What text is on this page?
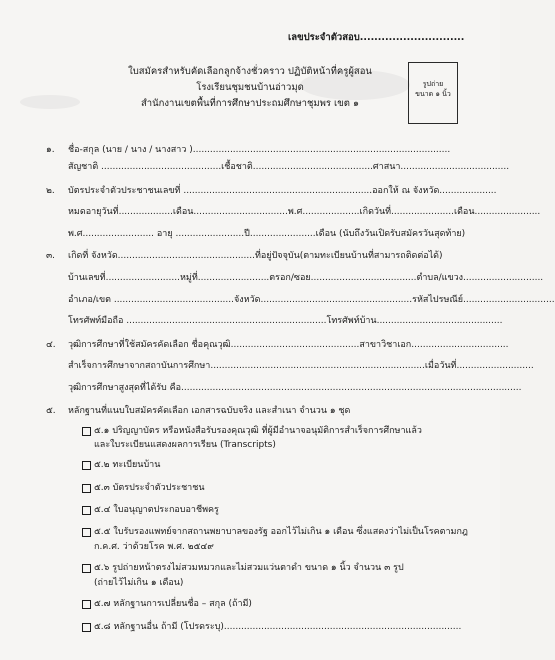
เลขประจำตัวสอบ.............................
ใบสมัครสำหรับคัดเลือกลูกจ้างชั่วคราว ปฏิบัติหน้าที่ครูผู้สอน
โรงเรียนชุมชนบ้านอ่าวมุด
สำนักงานเขตพื้นที่การศึกษาประถมศึกษาชุมพร เขต ๑
รูปถ่าย
ขนาด ๑ นิ้ว
๑. ชื่อ-สกุล (นาย / นาง / นางสาว )..........................................................................................
สัญชาติ ..........................................เชื้อชาติ..........................................ศาสนา......................................
๒. บัตรประจำตัวประชาชนเลขที่ ..................................................................ออกให้ ณ จังหวัด....................
หมดอายุวันที่...................เดือน.................................พ.ศ....................เกิดวันที่......................เดือน.......................
พ.ศ......................... อายุ ........................ปี.......................เดือน (นับถึงวันเปิดรับสมัครวันสุดท้าย)
๓. เกิดที่ จังหวัด................................................ที่อยู่ปัจจุบัน(ตามทะเบียนบ้านที่สามารถติดต่อได้)
บ้านเลขที่..........................หมู่ที่.........................ตรอก/ซอย.....................................ตำบล/แขวง............................
อำเภอ/เขต ..........................................จังหวัด.....................................................รหัสไปรษณีย์................................
โทรศัพท์มือถือ ......................................................................โทรศัพท์บ้าน............................................
๔. วุฒิการศึกษาที่ใช้สมัครคัดเลือก ชื่อคุณวุฒิ.............................................สาขาวิชาเอก..................................
สำเร็จการศึกษาจากสถาบันการศึกษา...........................................................................เมื่อวันที่...........................
วุฒิการศึกษาสูงสุดที่ได้รับ คือ.......................................................................................................................
๕. หลักฐานที่แนบใบสมัครคัดเลือก เอกสารฉบับจริง และสำเนา จำนวน ๑ ชุด
๕.๑ ปริญญาบัตร หรือหนังสือรับรองคุณวุฒิ ที่ผู้มีอำนาจอนุมัติการสำเร็จการศึกษาแล้ว
และใบระเบียนแสดงผลการเรียน (Transcripts)
๕.๒ ทะเบียนบ้าน
๕.๓ บัตรประจำตัวประชาชน
๕.๔ ใบอนุญาตประกอบอาชีพครู
๕.๕ ใบรับรองแพทย์จากสถานพยาบาลของรัฐ ออกไว้ไม่เกิน ๑ เดือน ซึ่งแสดงว่าไม่เป็นโรคตามกฎ
ก.ค.ศ. ว่าด้วยโรค พ.ศ. ๒๕๔๙
๕.๖ รูปถ่ายหน้าตรงไม่สวมหมวกและไม่สวมแว่นตาดำ ขนาด ๑ นิ้ว จำนวน ๓ รูป
(ถ่ายไว้ไม่เกิน ๑ เดือน)
๕.๗ หลักฐานการเปลี่ยนชื่อ – สกุล (ถ้ามี)
๕.๘ หลักฐานอื่น ถ้ามี (โปรดระบุ)...................................................................................
